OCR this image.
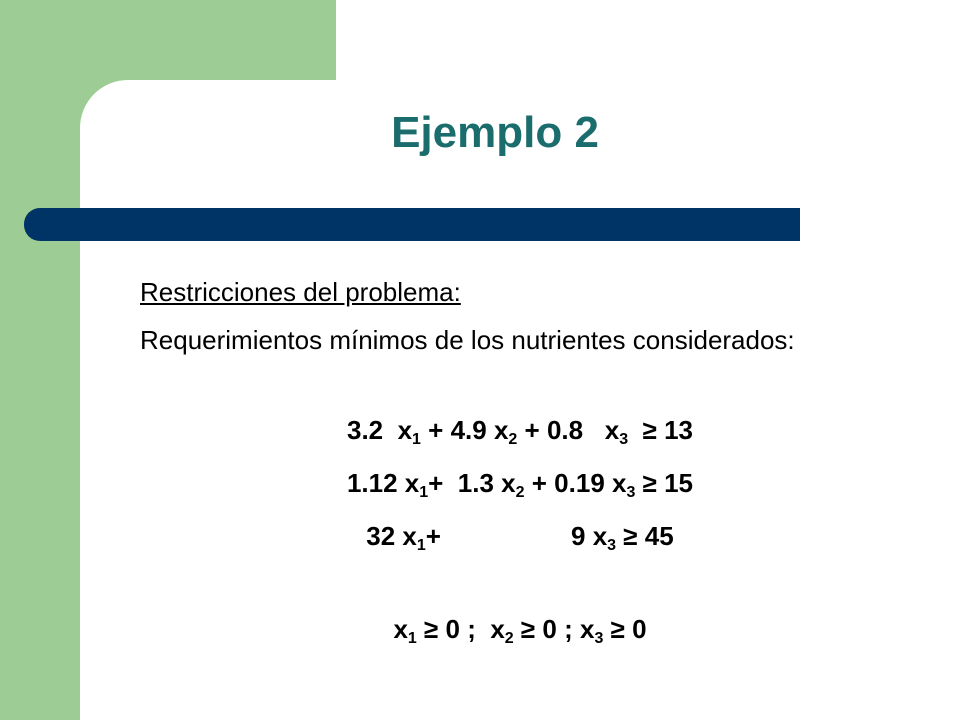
Ejemplo 2
Restricciones del problema:
Requerimientos mínimos de los nutrientes considerados:
3.2  $x_1 + 4.9$ $x_2 + 0.8$   $x_3 \ge 13$
1.12 $x_1+ 1.3$ $x_2 + 0.19$ $x_3 \ge 15$
32 $x_1+$                  9 $x_3 \ge 45$
$x_1 \ge 0$ ;  $x_2 \ge 0$ ; $x_3 \ge 0$
